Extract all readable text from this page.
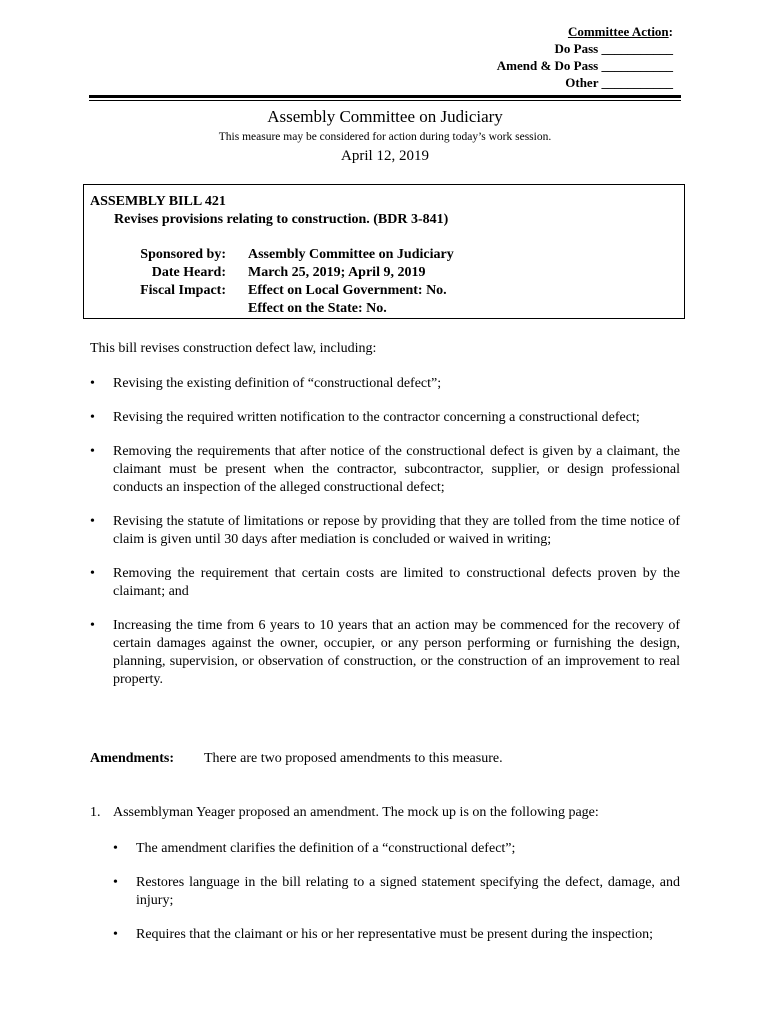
Committee Action:
Do Pass ___________
Amend & Do Pass ___________
Other ___________
Assembly Committee on Judiciary
This measure may be considered for action during today’s work session.
April 12, 2019
ASSEMBLY BILL 421
Revises provisions relating to construction. (BDR 3-841)
Sponsored by:
Date Heard:
Fiscal Impact:
Assembly Committee on Judiciary
March 25, 2019; April 9, 2019
Effect on Local Government: No.
Effect on the State: No.
This bill revises construction defect law, including:
• Revising the existing definition of “constructional defect”;
• Revising the required written notification to the contractor concerning a constructional defect;
• Removing the requirements that after notice of the constructional defect is given by a claimant, the claimant must be present when the contractor, subcontractor, supplier, or design professional conducts an inspection of the alleged constructional defect;
• Revising the statute of limitations or repose by providing that they are tolled from the time notice of claim is given until 30 days after mediation is concluded or waived in writing;
• Removing the requirement that certain costs are limited to constructional defects proven by the claimant; and
• Increasing the time from 6 years to 10 years that an action may be commenced for the recovery of certain damages against the owner, occupier, or any person performing or furnishing the design, planning, supervision, or observation of construction, or the construction of an improvement to real property.
Amendments: There are two proposed amendments to this measure.
1. Assemblyman Yeager proposed an amendment. The mock up is on the following page:
• The amendment clarifies the definition of a “constructional defect”;
• Restores language in the bill relating to a signed statement specifying the defect, damage, and injury;
• Requires that the claimant or his or her representative must be present during the inspection;
